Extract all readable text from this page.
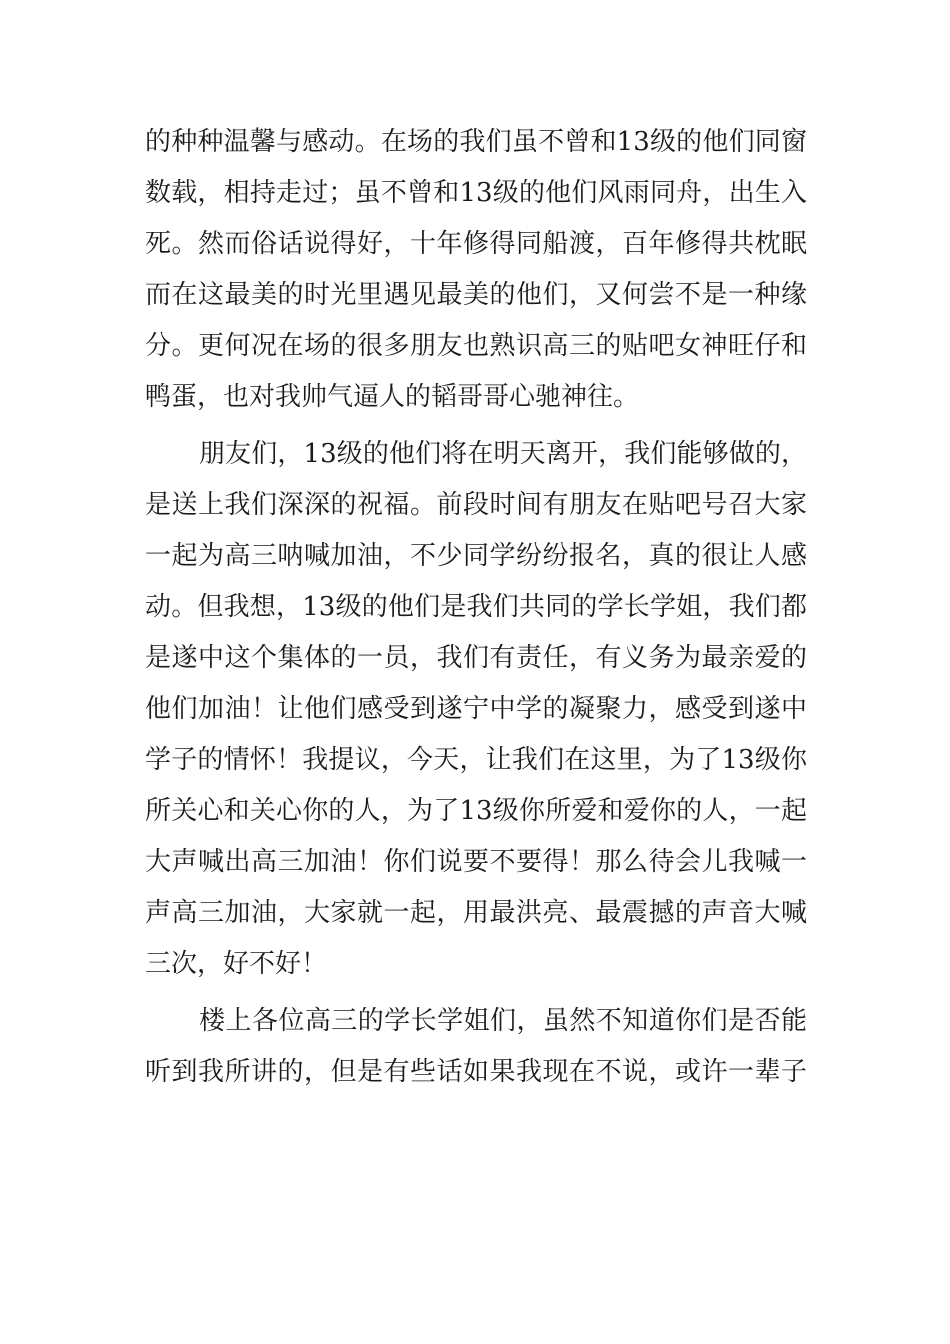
的种种温馨与感动。在场的我们虽不曾和13级的他们同窗
数载，相持走过；虽不曾和13级的他们风雨同舟，出生入
死。然而俗话说得好，十年修得同船渡，百年修得共枕眠
而在这最美的时光里遇见最美的他们，又何尝不是一种缘
分。更何况在场的很多朋友也熟识高三的贴吧女神旺仔和
鸭蛋，也对我帅气逼人的韬哥哥心驰神往。
朋友们，13级的他们将在明天离开，我们能够做的，
是送上我们深深的祝福。前段时间有朋友在贴吧号召大家
一起为高三呐喊加油，不少同学纷纷报名，真的很让人感
动。但我想，13级的他们是我们共同的学长学姐，我们都
是遂中这个集体的一员，我们有责任，有义务为最亲爱的
他们加油！让他们感受到遂宁中学的凝聚力，感受到遂中
学子的情怀！我提议，今天，让我们在这里，为了13级你
所关心和关心你的人，为了13级你所爱和爱你的人，一起
大声喊出高三加油！你们说要不要得！那么待会儿我喊一
声高三加油，大家就一起，用最洪亮、最震撼的声音大喊
三次，好不好！
楼上各位高三的学长学姐们，虽然不知道你们是否能
听到我所讲的，但是有些话如果我现在不说，或许一辈子
